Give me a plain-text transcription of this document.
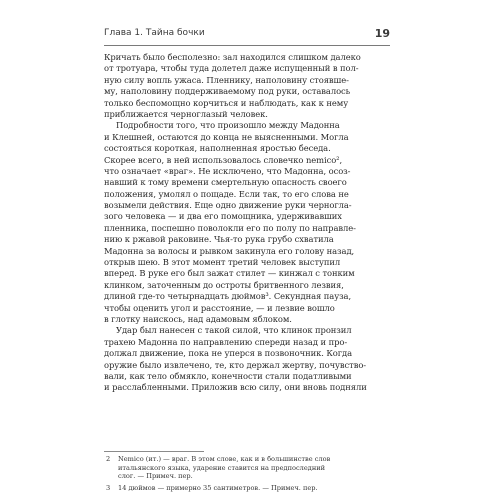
Глава 1. Тайна бочки	19
Кричать было бесполезно: зал находился слишком далеко
от тротуара, чтобы туда долетел даже испущенный в пол-
ную силу вопль ужаса. Пленнику, наполовину стоявше-
му, наполовину поддерживаемому под руки, оставалось
только беспомощно корчиться и наблюдать, как к нему
приближается черноглазый человек.
Подробности того, что произошло между Мадонна
и Клешней, остаются до конца не выясненными. Могла
состояться короткая, наполненная яростью беседа.
Скорее всего, в ней использовалось словечко nemico²,
что означает «враг». Не исключено, что Мадонна, осоз-
навший к тому времени смертельную опасность своего
положения, умолял о пощаде. Если так, то его слова не
возымели действия. Еще одно движение руки черногла-
зого человека — и два его помощника, удерживавших
пленника, поспешно поволокли его по полу по направле-
нию к ржавой раковине. Чья-то рука грубо схватила
Мадонна за волосы и рывком закинула его голову назад,
открыв шею. В этот момент третий человек выступил
вперед. В руке его был зажат стилет — кинжал с тонким
клинком, заточенным до остроты бритвенного лезвия,
длиной где-то четырнадцать дюймов³. Секундная пауза,
чтобы оценить угол и расстояние, — и лезвие вошло
в глотку наискось, над адамовым яблоком.
Удар был нанесен с такой силой, что клинок пронзил
трахею Мадонна по направлению спереди назад и про-
должал движение, пока не уперся в позвоночник. Когда
оружие было извлечено, те, кто держал жертву, почувство-
вали, как тело обмякло, конечности стали податливыми
и расслабленными. Приложив всю силу, они вновь подняли
2 Nemico (ит.) — враг. В этом слове, как и в большинстве слов
итальянского языка, ударение ставится на предпоследний
слог. — Примеч. пер.
3 14 дюймов — примерно 35 сантиметров. — Примеч. пер.
